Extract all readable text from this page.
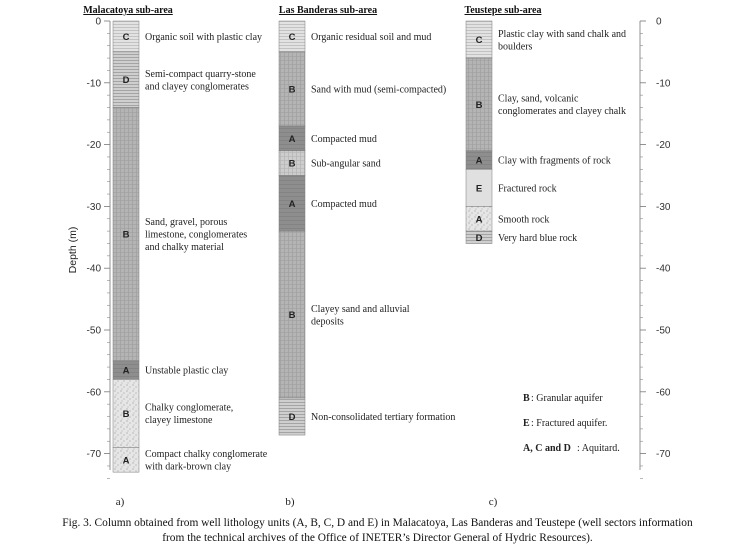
0
-10
-20
-30
-40
-50
-60
-70
Depth (m)
0
-10
-20
-30
-40
-50
-60
-70
Malacatoya sub-area
C Organic soil with plastic clay
D
Semi-compact quarry-stone
and clayey conglomerates
B
Sand, gravel, porous
limestone, conglomerates
and chalky material
A Unstable plastic clay
B
Chalky conglomerate,
clayey limestone
A
Compact chalky conglomerate
with dark-brown clay
a)
Las Banderas sub-area
C Organic residual soil and mud
B Sand with mud (semi-compacted)
A Compacted mud
B Sub-angular sand
A Compacted mud
B
Clayey sand and alluvial
deposits
D Non-consolidated tertiary formation
b)
Teustepe sub-area
C
Plastic clay with sand chalk and
boulders
B
Clay, sand, volcanic
conglomerates and clayey chalk
A Clay with fragments of rock
E Fractured rock
A Smooth rock
D Very hard blue rock
c)
B : Granular aquifer
E : Fractured aquifer.
A, C and D : Aquitard.
Fig. 3. Column obtained from well lithology units (A, B, C, D and E) in Malacatoya, Las Banderas and Teustepe (well sectors information
from the technical archives of the Office of INETER’s Director General of Hydric Resources).
